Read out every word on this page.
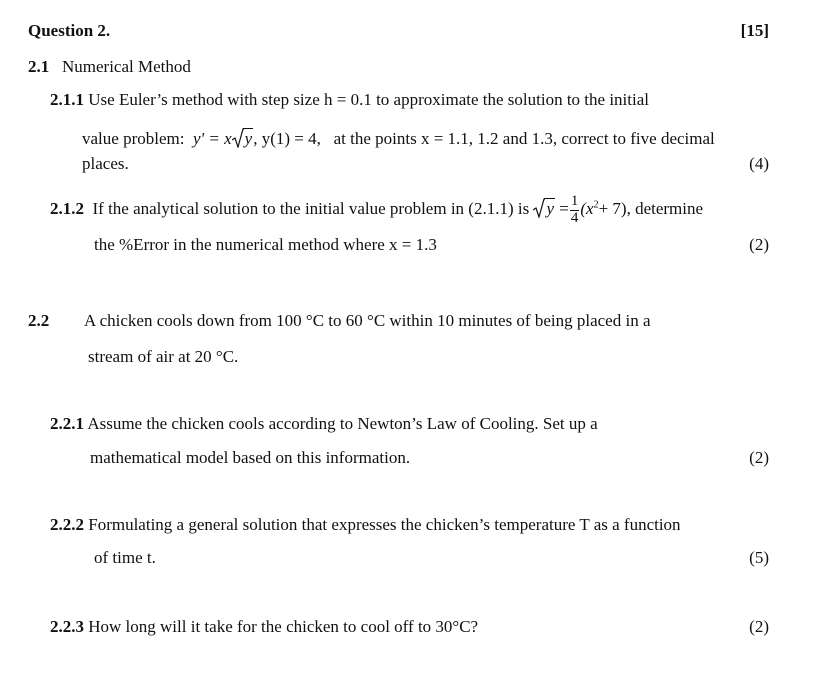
Question 2.	[15]
2.1 Numerical Method
2.1.1 Use Euler’s method with step size h = 0.1 to approximate the solution to the initial
value problem: y' = x y, y(1) = 4, at the points x = 1.1, 1.2 and 1.3, correct to five decimal
places.	(4)
2.1.2 If the analytical solution to the initial value problem in (2.1.1) is $y = \frac{1}{4} (x^2+ 7)$, determine
the %Error in the numerical method where x = 1.3	(2)
2.2 A chicken cools down from 100 °C to 60 °C within 10 minutes of being placed in a
stream of air at 20 °C.
2.2.1 Assume the chicken cools according to Newton’s Law of Cooling. Set up a
mathematical model based on this information.	(2)
2.2.2 Formulating a general solution that expresses the chicken’s temperature T as a function
of time t.	(5)
2.2.3 How long will it take for the chicken to cool off to 30°C?	(2)
